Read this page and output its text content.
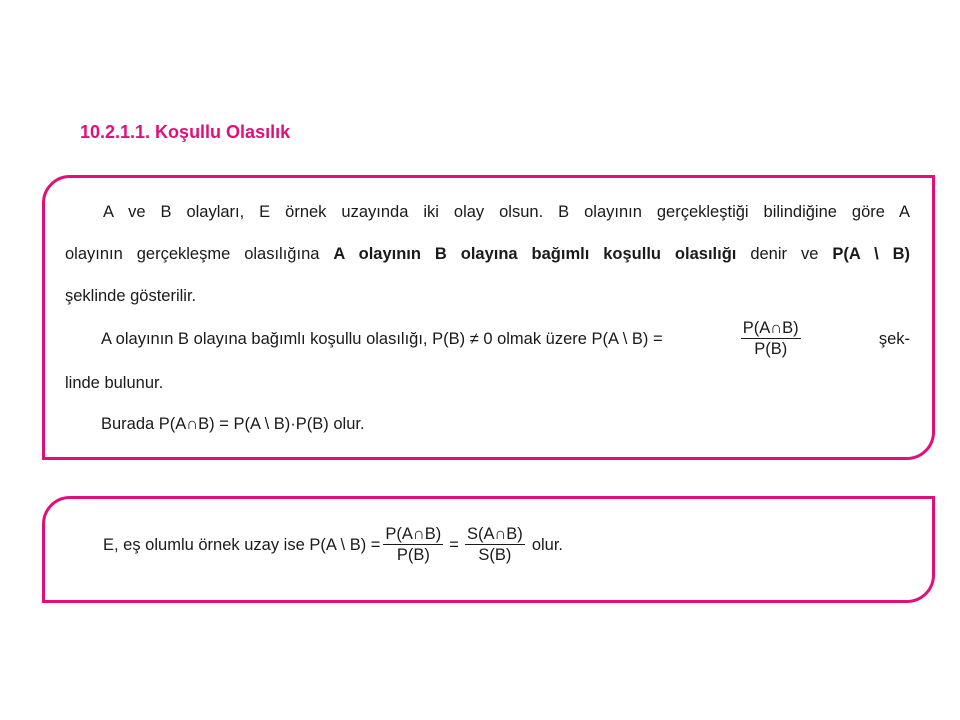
10.2.1.1. Koşullu Olasılık
A ve B olayları, E örnek uzayında iki olay olsun. B olayının gerçekleştiği bilindiğine göre A
olayının gerçekleşme olasılığına A olayının B olayına bağımlı koşullu olasılığı denir ve P(A \ B)
şeklinde gösterilir.
A olayının B olayına bağımlı koşullu olasılığı, P(B) ≠ 0 olmak üzere P(A \ B) =	$\frac{P(A\cap B)}{P(B)}$	şek-
linde bulunur.
Burada P(A∩B) = P(A \ B)·P(B) olur.
E, eş olumlu örnek uzay ise P(A \ $B) = \frac{P(A\cap B)}{P(B)} = \frac{S(A\cap B)}{S(B)}$ olur.
